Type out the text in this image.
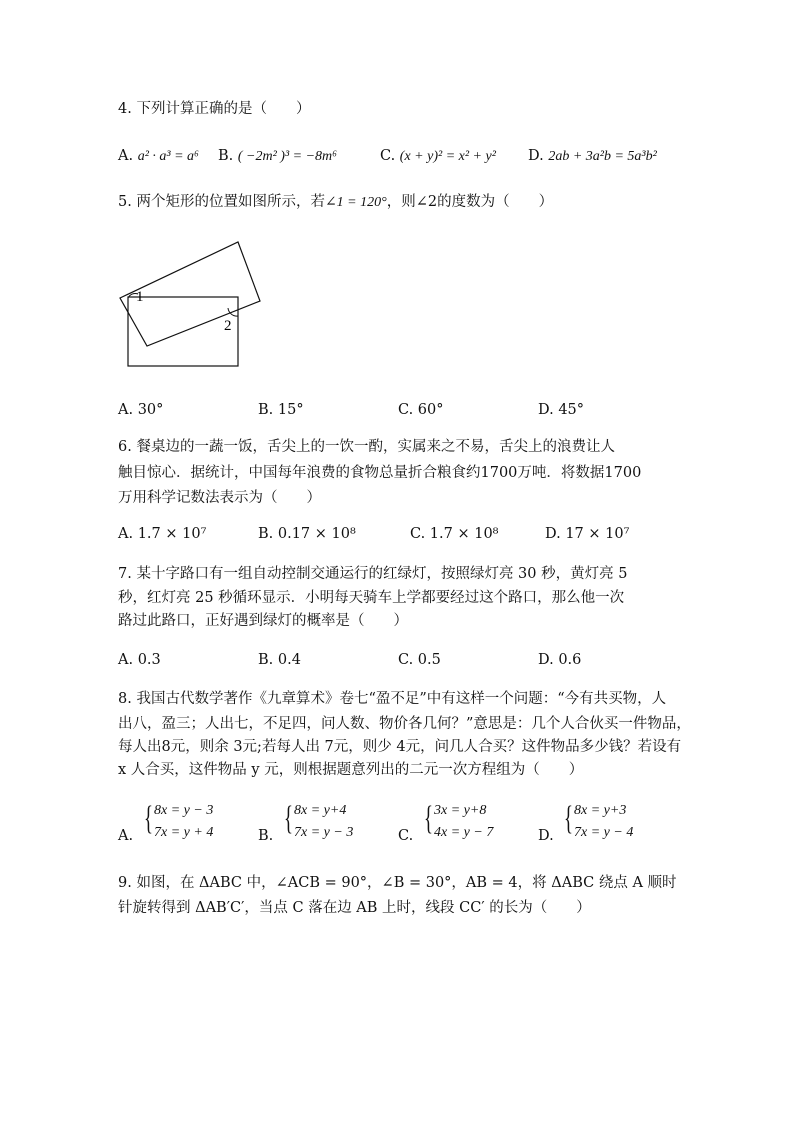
4. 下列计算正确的是（　　）
A. a² · a³ = a⁶ B. ( −2m² )³ = −8m⁶	C. (x + y)² = x² + y² D. 2ab + 3a²b = 5a³b²
5. 两个矩形的位置如图所示，若∠1 = 120°，则∠2的度数为（　　）
1
2
A. 30°	B. 15°	C. 60°	D. 45°
6. 餐桌边的一蔬一饭，舌尖上的一饮一酌，实属来之不易，舌尖上的浪费让人
触目惊心．据统计，中国每年浪费的食物总量折合粮食约1700万吨．将数据1700
万用科学记数法表示为（　　）
A. 1.7 × 10⁷	B. 0.17 × 10⁸	C. 1.7 × 10⁸	D. 17 × 10⁷
7. 某十字路口有一组自动控制交通运行的红绿灯，按照绿灯亮 30 秒，黄灯亮 5
秒，红灯亮 25 秒循环显示．小明每天骑车上学都要经过这个路口，那么他一次
路过此路口，正好遇到绿灯的概率是（　　）
A. 0.3	B. 0.4	C. 0.5	D. 0.6
8. 我国古代数学著作《九章算术》卷七“盈不足”中有这样一个问题：“今有共买物，人
出八，盈三；人出七，不足四，问人数、物价各几何？”意思是：几个人合伙买一件物品，
每人出8元，则余 3元;若每人出 7元，则少 4元，问几人合买？这件物品多少钱？若设有
x 人合买，这件物品 y 元，则根据题意列出的二元一次方程组为（　　）
A. { 8x = y − 3
7x = y + 4	B. { 8x = y+4
7x = y − 3	C. { 3x = y+8
4x = y − 7	D. { 8x = y+3
7x = y − 4
9. 如图，在 ΔABC 中，∠ACB = 90°，∠B = 30°，AB = 4，将 ΔABC 绕点 A 顺时
针旋转得到 ΔAB′C′，当点 C 落在边 AB 上时，线段 CC′ 的长为（　　）
